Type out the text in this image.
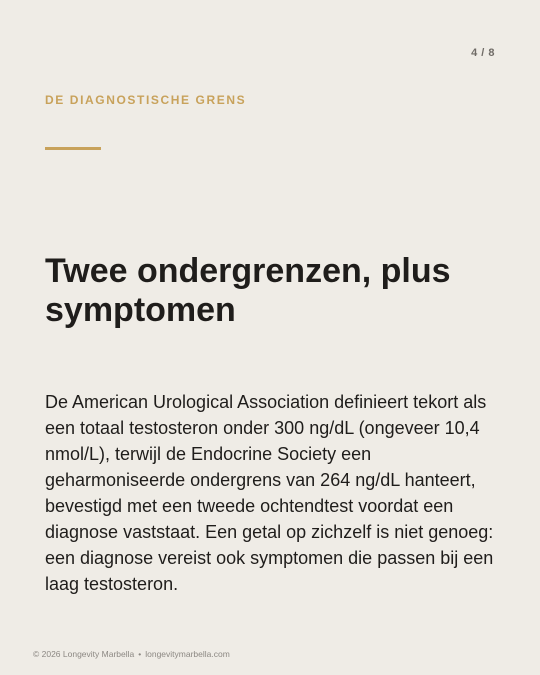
4 / 8
DE DIAGNOSTISCHE GRENS
Twee ondergrenzen, plus symptomen

De American Urological Association definieert tekort als een totaal testosteron onder 300 ng/dL (ongeveer 10,4 nmol/L), terwijl de Endocrine Society een geharmoniseerde ondergrens van 264 ng/dL hanteert, bevestigd met een tweede ochtendtest voordat een diagnose vaststaat. Een getal op zichzelf is niet genoeg: een diagnose vereist ook symptomen die passen bij een laag testosteron.

© 2026 Longevity Marbella • longevitymarbella.com
